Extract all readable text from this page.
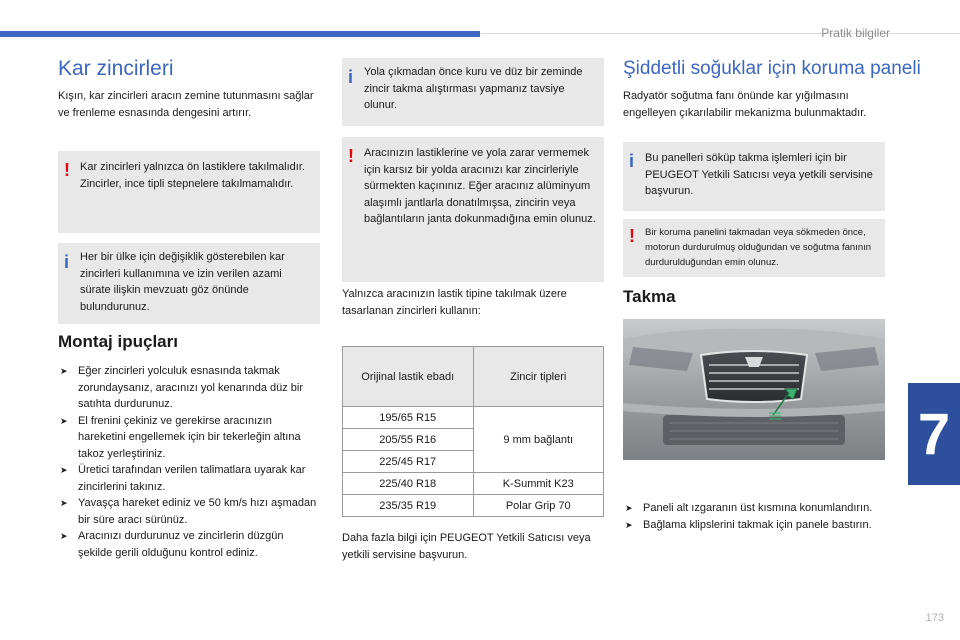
Pratik bilgiler
7
173
Kar zincirleri

Kışın, kar zincirleri aracın zemine tutunmasını sağlar ve frenleme esnasında dengesini artırır.

! Kar zincirleri yalnızca ön lastiklere takılmalıdır. Zincirler, ince tipli stepnelere takılmamalıdır.

i Her bir ülke için değişiklik gösterebilen kar zincirleri kullanımına ve izin verilen azami sürate ilişkin mevzuatı göz önünde bulundurunuz.

Montaj ipuçları
➤ Eğer zincirleri yolculuk esnasında takmak zorundaysanız, aracınızı yol kenarında düz bir satıhta durdurunuz.
➤ El frenini çekiniz ve gerekirse aracınızın hareketini engellemek için bir tekerleğin altına takoz yerleştiriniz.
➤ Üretici tarafından verilen talimatlara uyarak kar zincirlerini takınız.
➤ Yavaşça hareket ediniz ve 50 km/s hızı aşmadan bir süre aracı sürünüz.
➤ Aracınızı durdurunuz ve zincirlerin düzgün şekilde gerili olduğunu kontrol ediniz.
i Yola çıkmadan önce kuru ve düz bir zeminde zincir takma alıştırması yapmanız tavsiye olunur.

! Aracınızın lastiklerine ve yola zarar vermemek için karsız bir yolda aracınızı kar zincirleriyle sürmekten kaçınınız. Eğer aracınız alüminyum alaşımlı jantlarla donatılmışsa, zincirin veya bağlantıların janta dokunmadığına emin olunuz.

Yalnızca aracınızın lastik tipine takılmak üzere tasarlanan zincirleri kullanın:

Orijinal lastik ebadı	Zincir tipleri
195/65 R15	9 mm bağlantı
205/55 R16	
225/45 R17	
225/40 R18	K-Summit K23
235/35 R19	Polar Grip 70

Daha fazla bilgi için PEUGEOT Yetkili Satıcısı veya yetkili servisine başvurun.

Şiddetli soğuklar için koruma paneli

Radyatör soğutma fanı önünde kar yığılmasını engelleyen çıkarılabilir mekanizma bulunmaktadır.

i Bu panelleri söküp takma işlemleri için bir PEUGEOT Yetkili Satıcısı veya yetkili servisine başvurun.

! Bir koruma panelini takmadan veya sökmeden önce, motorun durdurulmuş olduğundan ve soğutma fanının durdurulduğundan emin olunuz.

Takma
➤ Paneli alt ızgaranın üst kısmına konumlandırın.
➤ Bağlama klipslerini takmak için panele bastırın.
